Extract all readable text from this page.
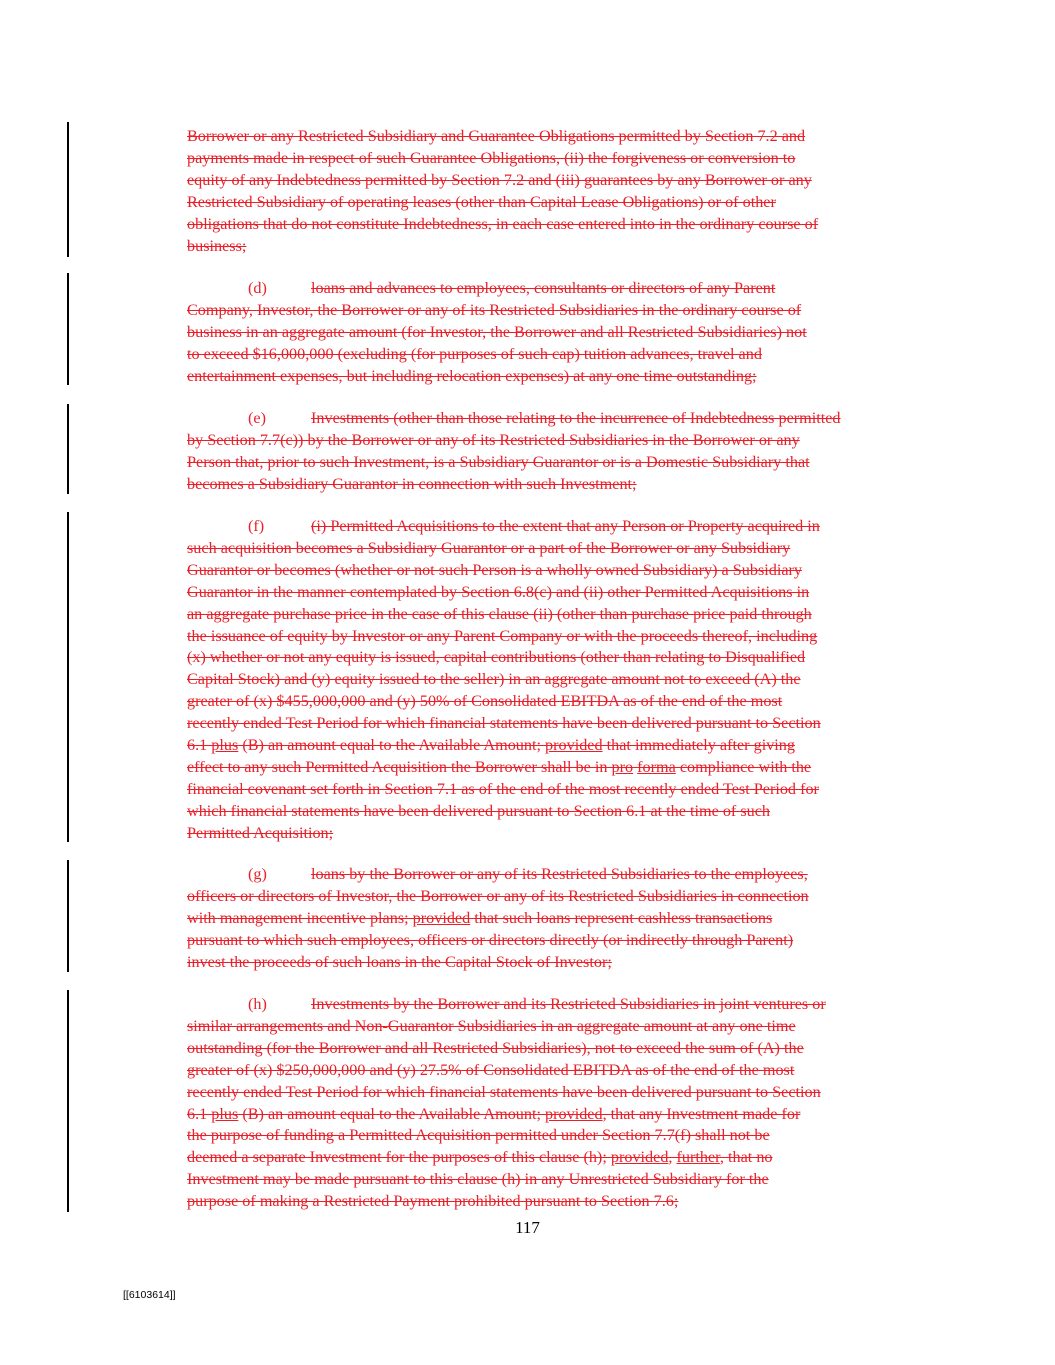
Borrower or any Restricted Subsidiary and Guarantee Obligations permitted by Section 7.2 and
payments made in respect of such Guarantee Obligations, (ii) the forgiveness or conversion to
equity of any Indebtedness permitted by Section 7.2 and (iii) guarantees by any Borrower or any
Restricted Subsidiary of operating leases (other than Capital Lease Obligations) or of other
obligations that do not constitute Indebtedness, in each case entered into in the ordinary course of
business;
(d)	loans and advances to employees, consultants or directors of any Parent
Company, Investor, the Borrower or any of its Restricted Subsidiaries in the ordinary course of
business in an aggregate amount (for Investor, the Borrower and all Restricted Subsidiaries) not
to exceed $16,000,000 (excluding (for purposes of such cap) tuition advances, travel and
entertainment expenses, but including relocation expenses) at any one time outstanding;
(e)	Investments (other than those relating to the incurrence of Indebtedness permitted
by Section 7.7(c)) by the Borrower or any of its Restricted Subsidiaries in the Borrower or any
Person that, prior to such Investment, is a Subsidiary Guarantor or is a Domestic Subsidiary that
becomes a Subsidiary Guarantor in connection with such Investment;
(f)	(i) Permitted Acquisitions to the extent that any Person or Property acquired in
such acquisition becomes a Subsidiary Guarantor or a part of the Borrower or any Subsidiary
Guarantor or becomes (whether or not such Person is a wholly owned Subsidiary) a Subsidiary
Guarantor in the manner contemplated by Section 6.8(c) and (ii) other Permitted Acquisitions in
an aggregate purchase price in the case of this clause (ii) (other than purchase price paid through
the issuance of equity by Investor or any Parent Company or with the proceeds thereof, including
(x) whether or not any equity is issued, capital contributions (other than relating to Disqualified
Capital Stock) and (y) equity issued to the seller) in an aggregate amount not to exceed (A) the
greater of (x) $455,000,000 and (y) 50% of Consolidated EBITDA as of the end of the most
recently ended Test Period for which financial statements have been delivered pursuant to Section
6.1 plus (B) an amount equal to the Available Amount; provided that immediately after giving
effect to any such Permitted Acquisition the Borrower shall be in pro forma compliance with the
financial covenant set forth in Section 7.1 as of the end of the most recently ended Test Period for
which financial statements have been delivered pursuant to Section 6.1 at the time of such
Permitted Acquisition;
(g)	loans by the Borrower or any of its Restricted Subsidiaries to the employees,
officers or directors of Investor, the Borrower or any of its Restricted Subsidiaries in connection
with management incentive plans; provided that such loans represent cashless transactions
pursuant to which such employees, officers or directors directly (or indirectly through Parent)
invest the proceeds of such loans in the Capital Stock of Investor;
(h)	Investments by the Borrower and its Restricted Subsidiaries in joint ventures or
similar arrangements and Non-Guarantor Subsidiaries in an aggregate amount at any one time
outstanding (for the Borrower and all Restricted Subsidiaries), not to exceed the sum of (A) the
greater of (x) $250,000,000 and (y) 27.5% of Consolidated EBITDA as of the end of the most
recently ended Test Period for which financial statements have been delivered pursuant to Section
6.1 plus (B) an amount equal to the Available Amount; provided, that any Investment made for
the purpose of funding a Permitted Acquisition permitted under Section 7.7(f) shall not be
deemed a separate Investment for the purposes of this clause (h); provided, further, that no
Investment may be made pursuant to this clause (h) in any Unrestricted Subsidiary for the
purpose of making a Restricted Payment prohibited pursuant to Section 7.6;
117
[[6103614]]
